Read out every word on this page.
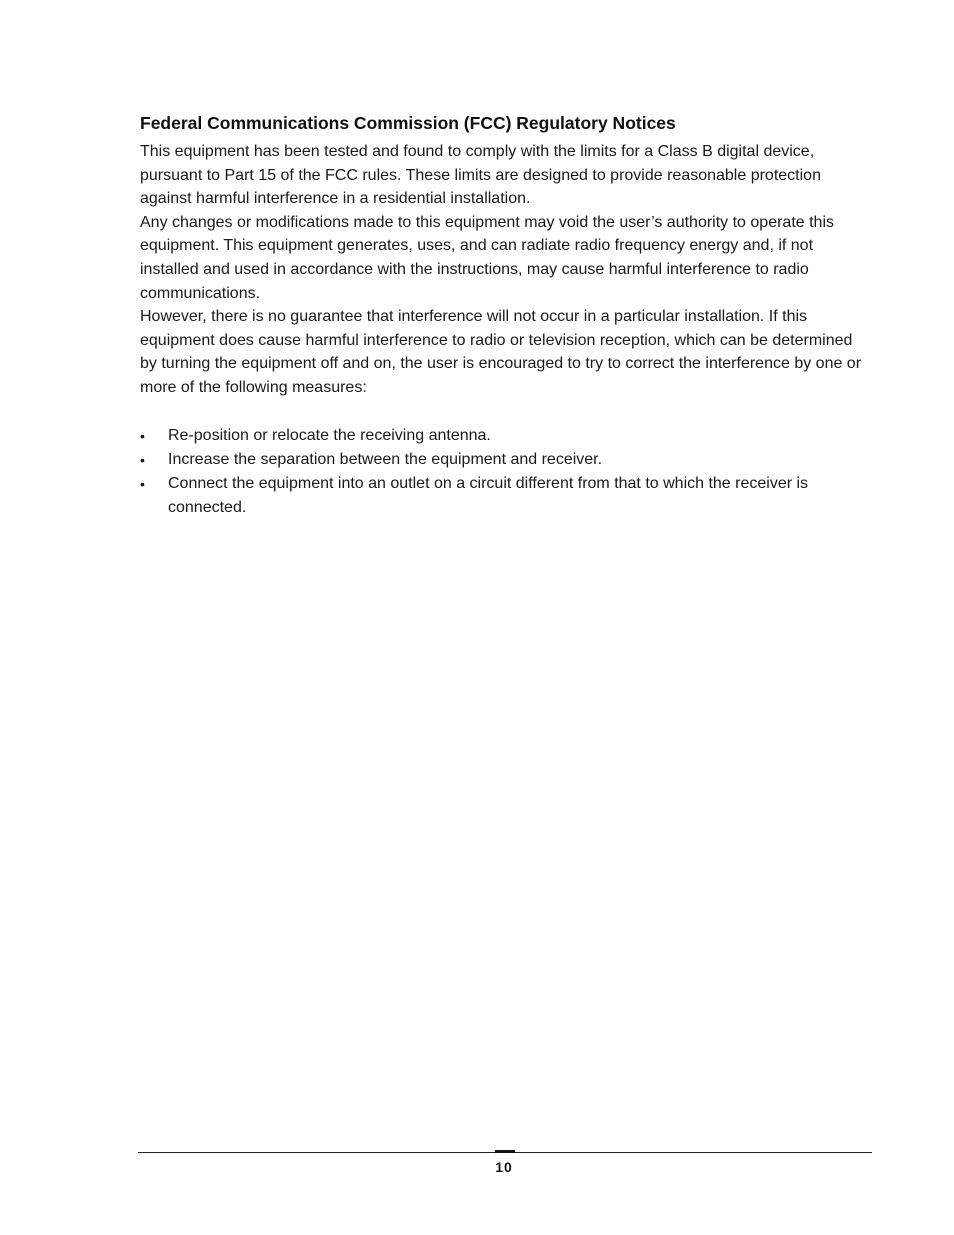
Federal Communications Commission (FCC) Regulatory Notices

This equipment has been tested and found to comply with the limits for a Class B digital device, pursuant to Part 15 of the FCC rules. These limits are designed to provide reasonable protection against harmful interference in a residential installation.

Any changes or modifications made to this equipment may void the user’s authority to operate this equipment. This equipment generates, uses, and can radiate radio frequency energy and, if not installed and used in accordance with the instructions, may cause harmful interference to radio communications.

However, there is no guarantee that interference will not occur in a particular installation. If this equipment does cause harmful interference to radio or television reception, which can be determined by turning the equipment off and on, the user is encouraged to try to correct the interference by one or more of the following measures:

•	Re-position or relocate the receiving antenna.
•	Increase the separation between the equipment and receiver.
•	Connect the equipment into an outlet on a circuit different from that to which the receiver is connected.
10
